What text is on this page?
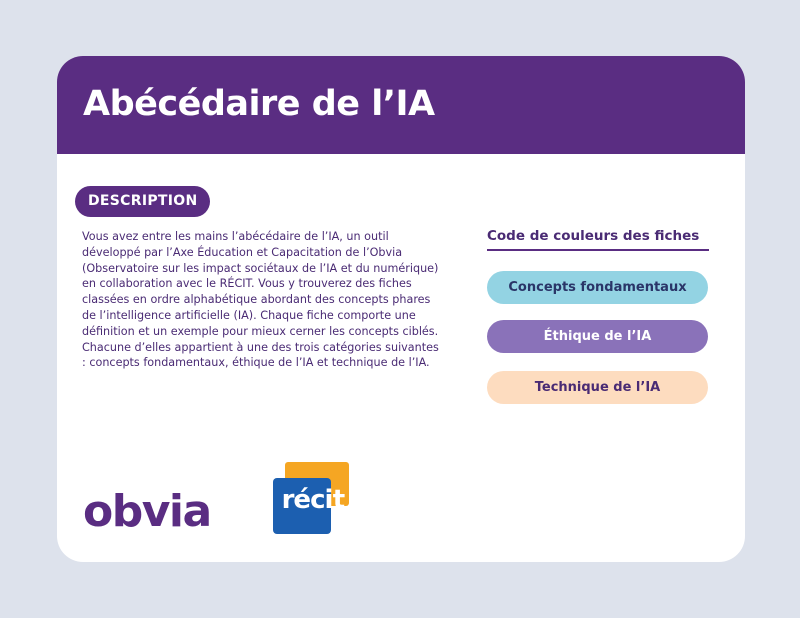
Abécédaire de l’IA
DESCRIPTION

Vous avez entre les mains l’abécédaire de l’IA, un outil développé par l’Axe Éducation et Capacitation de l’Obvia (Observatoire sur les impact sociétaux de l’IA et du numérique) en collaboration avec le RÉCIT. Vous y trouverez des fiches classées en ordre alphabétique abordant des concepts phares de l’intelligence artificielle (IA). Chaque fiche comporte une définition et un exemple pour mieux cerner les concepts ciblés. Chacune d’elles appartient à une des trois catégories suivantes : concepts fondamentaux, éthique de l’IA et technique de l’IA.

Code de couleurs des fiches
Concepts fondamentaux
Éthique de l’IA
Technique de l’IA
obvia	réci t
